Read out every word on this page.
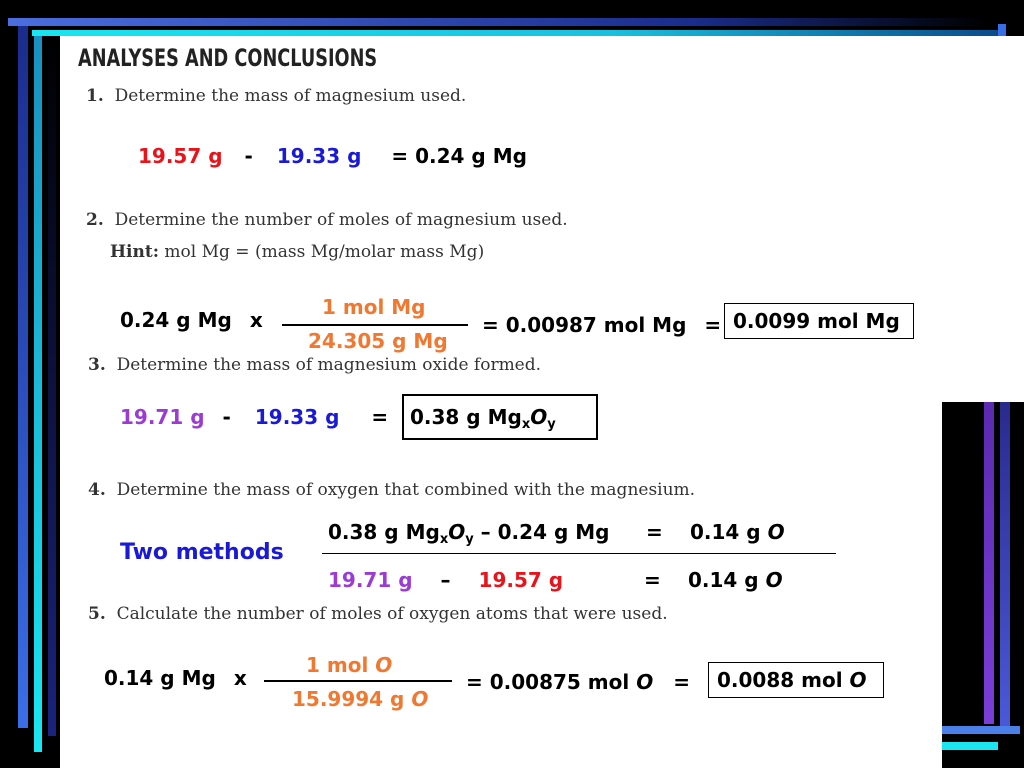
ANALYSES AND CONCLUSIONS
1. Determine the mass of magnesium used.
19.57 g - 19.33 g = 0.24 g Mg
2. Determine the number of moles of magnesium used.
Hint: mol Mg = (mass Mg/molar mass Mg)
0.24 g Mg x
1 mol Mg
24.305 g Mg
= 0.00987 mol Mg = 0.0099 mol Mg
3. Determine the mass of magnesium oxide formed.
19.71 g - 19.33 g =	0.38 g $Mg_xO_y$
4. Determine the mass of oxygen that combined with the magnesium.
Two methods
0.38 g $Mg_xO_y - 0.24$ g Mg = 0.14 g O
19.71 g – 19.57 g	= 0.14 g O
5. Calculate the number of moles of oxygen atoms that were used.
0.14 g Mg x
1 mol O
15.9994 g O
= 0.00875 mol O =	0.0088 mol O
